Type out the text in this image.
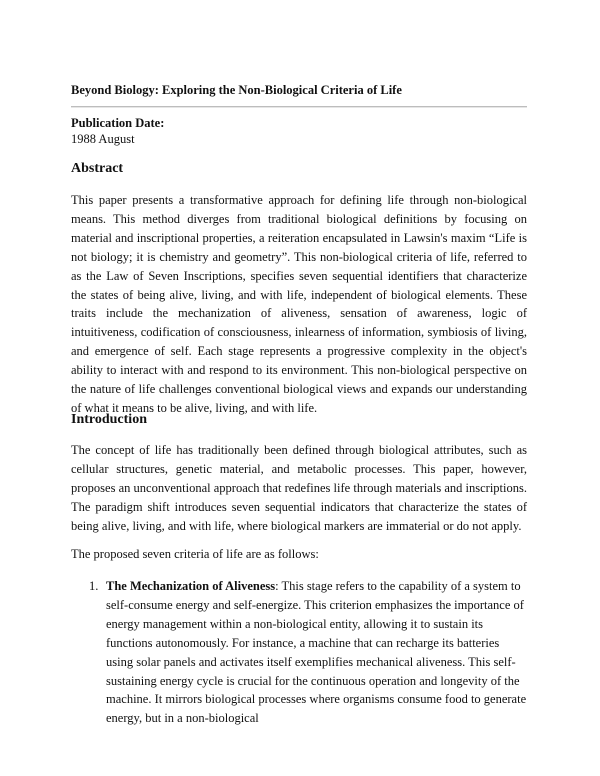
Beyond Biology: Exploring the Non-Biological Criteria of Life
Publication Date:
1988 August
Abstract
This paper presents a transformative approach for defining life through non-biological means. This method diverges from traditional biological definitions by focusing on material and inscriptional properties, a reiteration encapsulated in Lawsin's maxim “Life is not biology; it is chemistry and geometry”. This non-biological criteria of life, referred to as the Law of Seven Inscriptions, specifies seven sequential identifiers that characterize the states of being alive, living, and with life, independent of biological elements. These traits include the mechanization of aliveness, sensation of awareness, logic of intuitiveness, codification of consciousness, inlearness of information, symbiosis of living, and emergence of self. Each stage represents a progressive complexity in the object's ability to interact with and respond to its environment. This non-biological perspective on the nature of life challenges conventional biological views and expands our understanding of what it means to be alive, living, and with life.
Introduction
The concept of life has traditionally been defined through biological attributes, such as cellular structures, genetic material, and metabolic processes. This paper, however, proposes an unconventional approach that redefines life through materials and inscriptions. The paradigm shift introduces seven sequential indicators that characterize the states of being alive, living, and with life, where biological markers are immaterial or do not apply.
The proposed seven criteria of life are as follows:
1. The Mechanization of Aliveness: This stage refers to the capability of a system to self-consume energy and self-energize. This criterion emphasizes the importance of energy management within a non-biological entity, allowing it to sustain its functions autonomously. For instance, a machine that can recharge its batteries using solar panels and activates itself exemplifies mechanical aliveness. This self-sustaining energy cycle is crucial for the continuous operation and longevity of the machine. It mirrors biological processes where organisms consume food to generate energy, but in a non-biological
